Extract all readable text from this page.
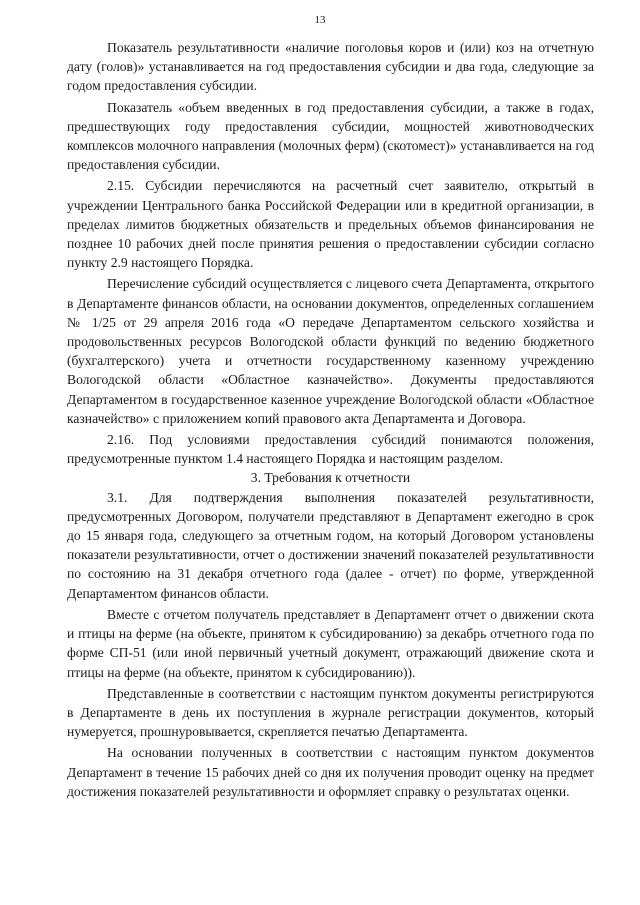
13

Показатель результативности «наличие поголовья коров и (или) коз на отчетную дату (голов)» устанавливается на год предоставления субсидии и два года, следующие за годом предоставления субсидии.

Показатель «объем введенных в год предоставления субсидии, а также в годах, предшествующих году предоставления субсидии, мощностей животноводческих комплексов молочного направления (молочных ферм) (скотомест)» устанавливается на год предоставления субсидии.

2.15. Субсидии перечисляются на расчетный счет заявителю, открытый в учреждении Центрального банка Российской Федерации или в кредитной организации, в пределах лимитов бюджетных обязательств и предельных объемов финансирования не позднее 10 рабочих дней после принятия решения о предоставлении субсидии согласно пункту 2.9 настоящего Порядка.

Перечисление субсидий осуществляется с лицевого счета Департамента, открытого в Департаменте финансов области, на основании документов, определенных соглашением № 1/25 от 29 апреля 2016 года «О передаче Департаментом сельского хозяйства и продовольственных ресурсов Вологодской области функций по ведению бюджетного (бухгалтерского) учета и отчетности государственному казенному учреждению Вологодской области «Областное казначейство». Документы предоставляются Департаментом в государственное казенное учреждение Вологодской области «Областное казначейство» с приложением копий правового акта Департамента и Договора.

2.16. Под условиями предоставления субсидий понимаются положения, предусмотренные пунктом 1.4 настоящего Порядка и настоящим разделом.

3. Требования к отчетности

3.1. Для подтверждения выполнения показателей результативности, предусмотренных Договором, получатели представляют в Департамент ежегодно в срок до 15 января года, следующего за отчетным годом, на который Договором установлены показатели результативности, отчет о достижении значений показателей результативности по состоянию на 31 декабря отчетного года (далее - отчет) по форме, утвержденной Департаментом финансов области.

Вместе с отчетом получатель представляет в Департамент отчет о движении скота и птицы на ферме (на объекте, принятом к субсидированию) за декабрь отчетного года по форме СП-51 (или иной первичный учетный документ, отражающий движение скота и птицы на ферме (на объекте, принятом к субсидированию)).

Представленные в соответствии с настоящим пунктом документы регистрируются в Департаменте в день их поступления в журнале регистрации документов, который нумеруется, прошнуровывается, скрепляется печатью Департамента.

На основании полученных в соответствии с настоящим пунктом документов Департамент в течение 15 рабочих дней со дня их получения проводит оценку на предмет достижения показателей результативности и оформляет справку о результатах оценки.
